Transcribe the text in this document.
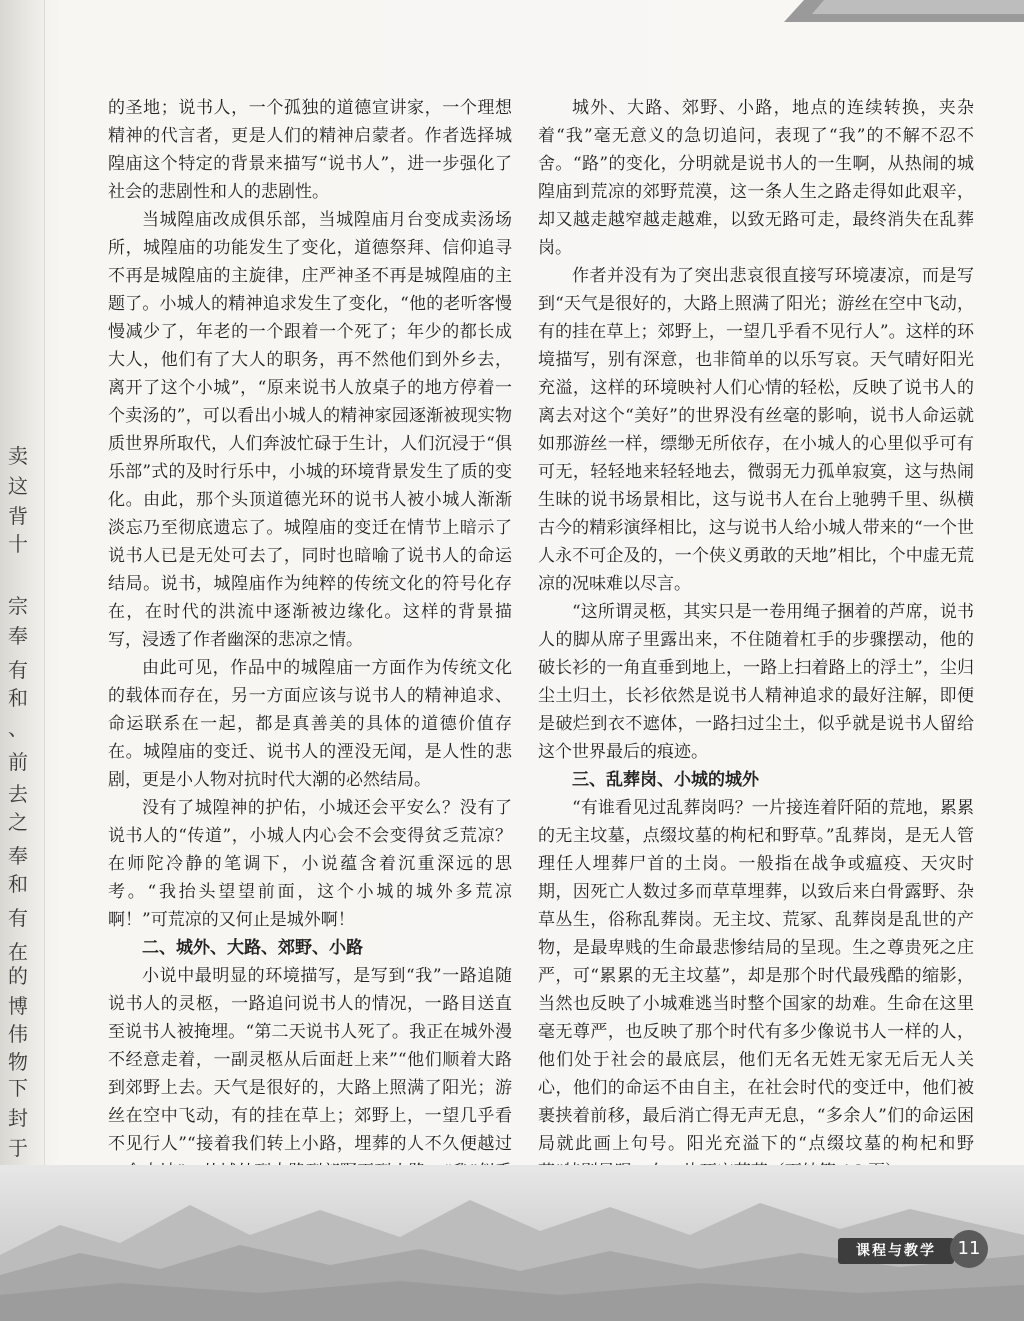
卖
这
背
十
宗
奉
有
和
、
前
去
之
奉
和
有
在
的
博
伟
物
下
封
于

的圣地；说书人，一个孤独的道德宣讲家，一个理想精神的代言者，更是人们的精神启蒙者。作者选择城隍庙这个特定的背景来描写“说书人”，进一步强化了社会的悲剧性和人的悲剧性。

当城隍庙改成俱乐部，当城隍庙月台变成卖汤场所，城隍庙的功能发生了变化，道德祭拜、信仰追寻不再是城隍庙的主旋律，庄严神圣不再是城隍庙的主题了。小城人的精神追求发生了变化，“他的老听客慢慢减少了，年老的一个跟着一个死了；年少的都长成大人，他们有了大人的职务，再不然他们到外乡去，离开了这个小城”，“原来说书人放桌子的地方停着一个卖汤的”，可以看出小城人的精神家园逐渐被现实物质世界所取代，人们奔波忙碌于生计，人们沉浸于“俱乐部”式的及时行乐中，小城的环境背景发生了质的变化。由此，那个头顶道德光环的说书人被小城人渐渐淡忘乃至彻底遗忘了。城隍庙的变迁在情节上暗示了说书人已是无处可去了，同时也暗喻了说书人的命运结局。说书，城隍庙作为纯粹的传统文化的符号化存在，在时代的洪流中逐渐被边缘化。这样的背景描写，浸透了作者幽深的悲凉之情。

由此可见，作品中的城隍庙一方面作为传统文化的载体而存在，另一方面应该与说书人的精神追求、命运联系在一起，都是真善美的具体的道德价值存在。城隍庙的变迁、说书人的湮没无闻，是人性的悲剧，更是小人物对抗时代大潮的必然结局。

没有了城隍神的护佑，小城还会平安么？没有了说书人的“传道”，小城人内心会不会变得贫乏荒凉？在师陀冷静的笔调下，小说蕴含着沉重深远的思考。“我抬头望望前面，这个小城的城外多荒凉啊！”可荒凉的又何止是城外啊！

二、城外、大路、郊野、小路

小说中最明显的环境描写，是写到“我”一路追随说书人的灵柩，一路追问说书人的情况，一路目送直至说书人被掩埋。“第二天说书人死了。我正在城外漫不经意走着，一副灵柩从后面赶上来”“他们顺着大路到郊野上去。天气是很好的，大路上照满了阳光；游丝在空中飞动，有的挂在草上；郊野上，一望几乎看不见行人”“接着我们转上小路，埋葬的人不久便越过

城外、大路、郊野、小路，地点的连续转换，夹杂着“我”毫无意义的急切追问，表现了“我”的不解不忍不舍。“路”的变化，分明就是说书人的一生啊，从热闹的城隍庙到荒凉的郊野荒漠，这一条人生之路走得如此艰辛，却又越走越窄越走越难，以致无路可走，最终消失在乱葬岗。

作者并没有为了突出悲哀很直接写环境凄凉，而是写到“天气是很好的，大路上照满了阳光；游丝在空中飞动，有的挂在草上；郊野上，一望几乎看不见行人”。这样的环境描写，别有深意，也非简单的以乐写哀。天气晴好阳光充溢，这样的环境映衬人们心情的轻松，反映了说书人的离去对这个“美好”的世界没有丝毫的影响，说书人命运就如那游丝一样，缥缈无所依存，在小城人的心里似乎可有可无，轻轻地来轻轻地去，微弱无力孤单寂寞，这与热闹生昧的说书场景相比，这与说书人在台上驰骋千里、纵横古今的精彩演绎相比，这与说书人给小城人带来的“一个世人永不可企及的，一个侠义勇敢的天地”相比，个中虚无荒凉的况味难以尽言。

“这所谓灵柩，其实只是一卷用绳子捆着的芦席，说书人的脚从席子里露出来，不住随着杠手的步骤摆动，他的破长衫的一角直垂到地上，一路上扫着路上的浮土”，尘归尘土归土，长衫依然是说书人精神追求的最好注解，即便是破烂到衣不遮体，一路扫过尘土，似乎就是说书人留给这个世界最后的痕迹。

三、乱葬岗、小城的城外

“有谁看见过乱葬岗吗？一片接连着阡陌的荒地，累累的无主坟墓，点缀坟墓的枸杞和野草。”乱葬岗，是无人管理任人埋葬尸首的土岗。一般指在战争或瘟疫、天灾时期，因死亡人数过多而草草埋葬，以致后来白骨露野、杂草丛生，俗称乱葬岗。无主坟、荒冢、乱葬岗是乱世的产物，是最卑贱的生命最悲惨结局的呈现。生之尊贵死之庄严，可“累累的无主坟墓”，却是那个时代最残酷的缩影，当然也反映了小城难逃当时整个国家的劫难。生命在这里毫无尊严，也反映了那个时代有多少像说书人一样的人，他们处于社会的最底层，他们无名无姓无家无后无人关心，他们的命运不由自主，在社会时代的变迁中，他们被裹挟着前移，最后消亡得无声无息，“多余人”们的命运困局就此画上句号。阳光充溢下的“点缀坟墓的枸杞和野

课程与教学	11
